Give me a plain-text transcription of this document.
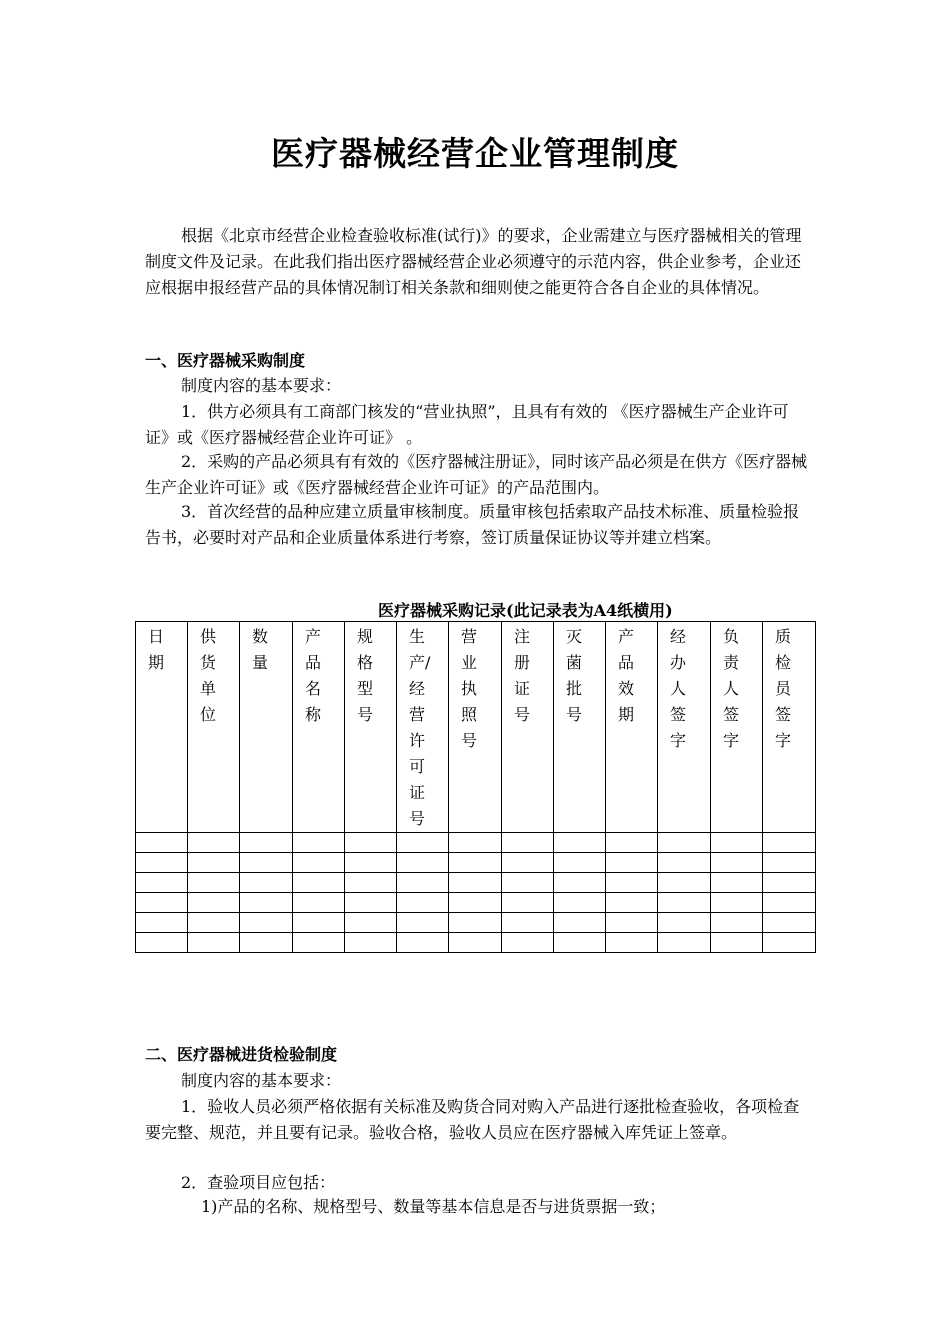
医疗器械经营企业管理制度
根据《北京市经营企业检查验收标准(试行)》的要求，企业需建立与医疗器械相关的管理制度文件及记录。在此我们指出医疗器械经营企业必须遵守的示范内容，供企业参考，企业还应根据申报经营产品的具体情况制订相关条款和细则使之能更符合各自企业的具体情况。
一、医疗器械采购制度
制度内容的基本要求：
1．供方必须具有工商部门核发的“营业执照”，且具有有效的 《医疗器械生产企业许可证》或《医疗器械经营企业许可证》 。
2．采购的产品必须具有有效的《医疗器械注册证》，同时该产品必须是在供方《医疗器械生产企业许可证》或《医疗器械经营企业许可证》的产品范围内。
3．首次经营的品种应建立质量审核制度。质量审核包括索取产品技术标准、质量检验报告书，必要时对产品和企业质量体系进行考察，签订质量保证协议等并建立档案。
医疗器械采购记录(此记录表为A4纸横用)
日期	供货单位	数量	产品名称	规格型号	生产/经营许可证号	营业执照号	注册证号	灭菌批号	产品效期	经办人签字	负责人签字	质检员签字

二、医疗器械进货检验制度
制度内容的基本要求：
1．验收人员必须严格依据有关标准及购货合同对购入产品进行逐批检查验收，各项检查要完整、规范，并且要有记录。验收合格，验收人员应在医疗器械入库凭证上签章。
2．查验项目应包括：
1)产品的名称、规格型号、数量等基本信息是否与进货票据一致；
